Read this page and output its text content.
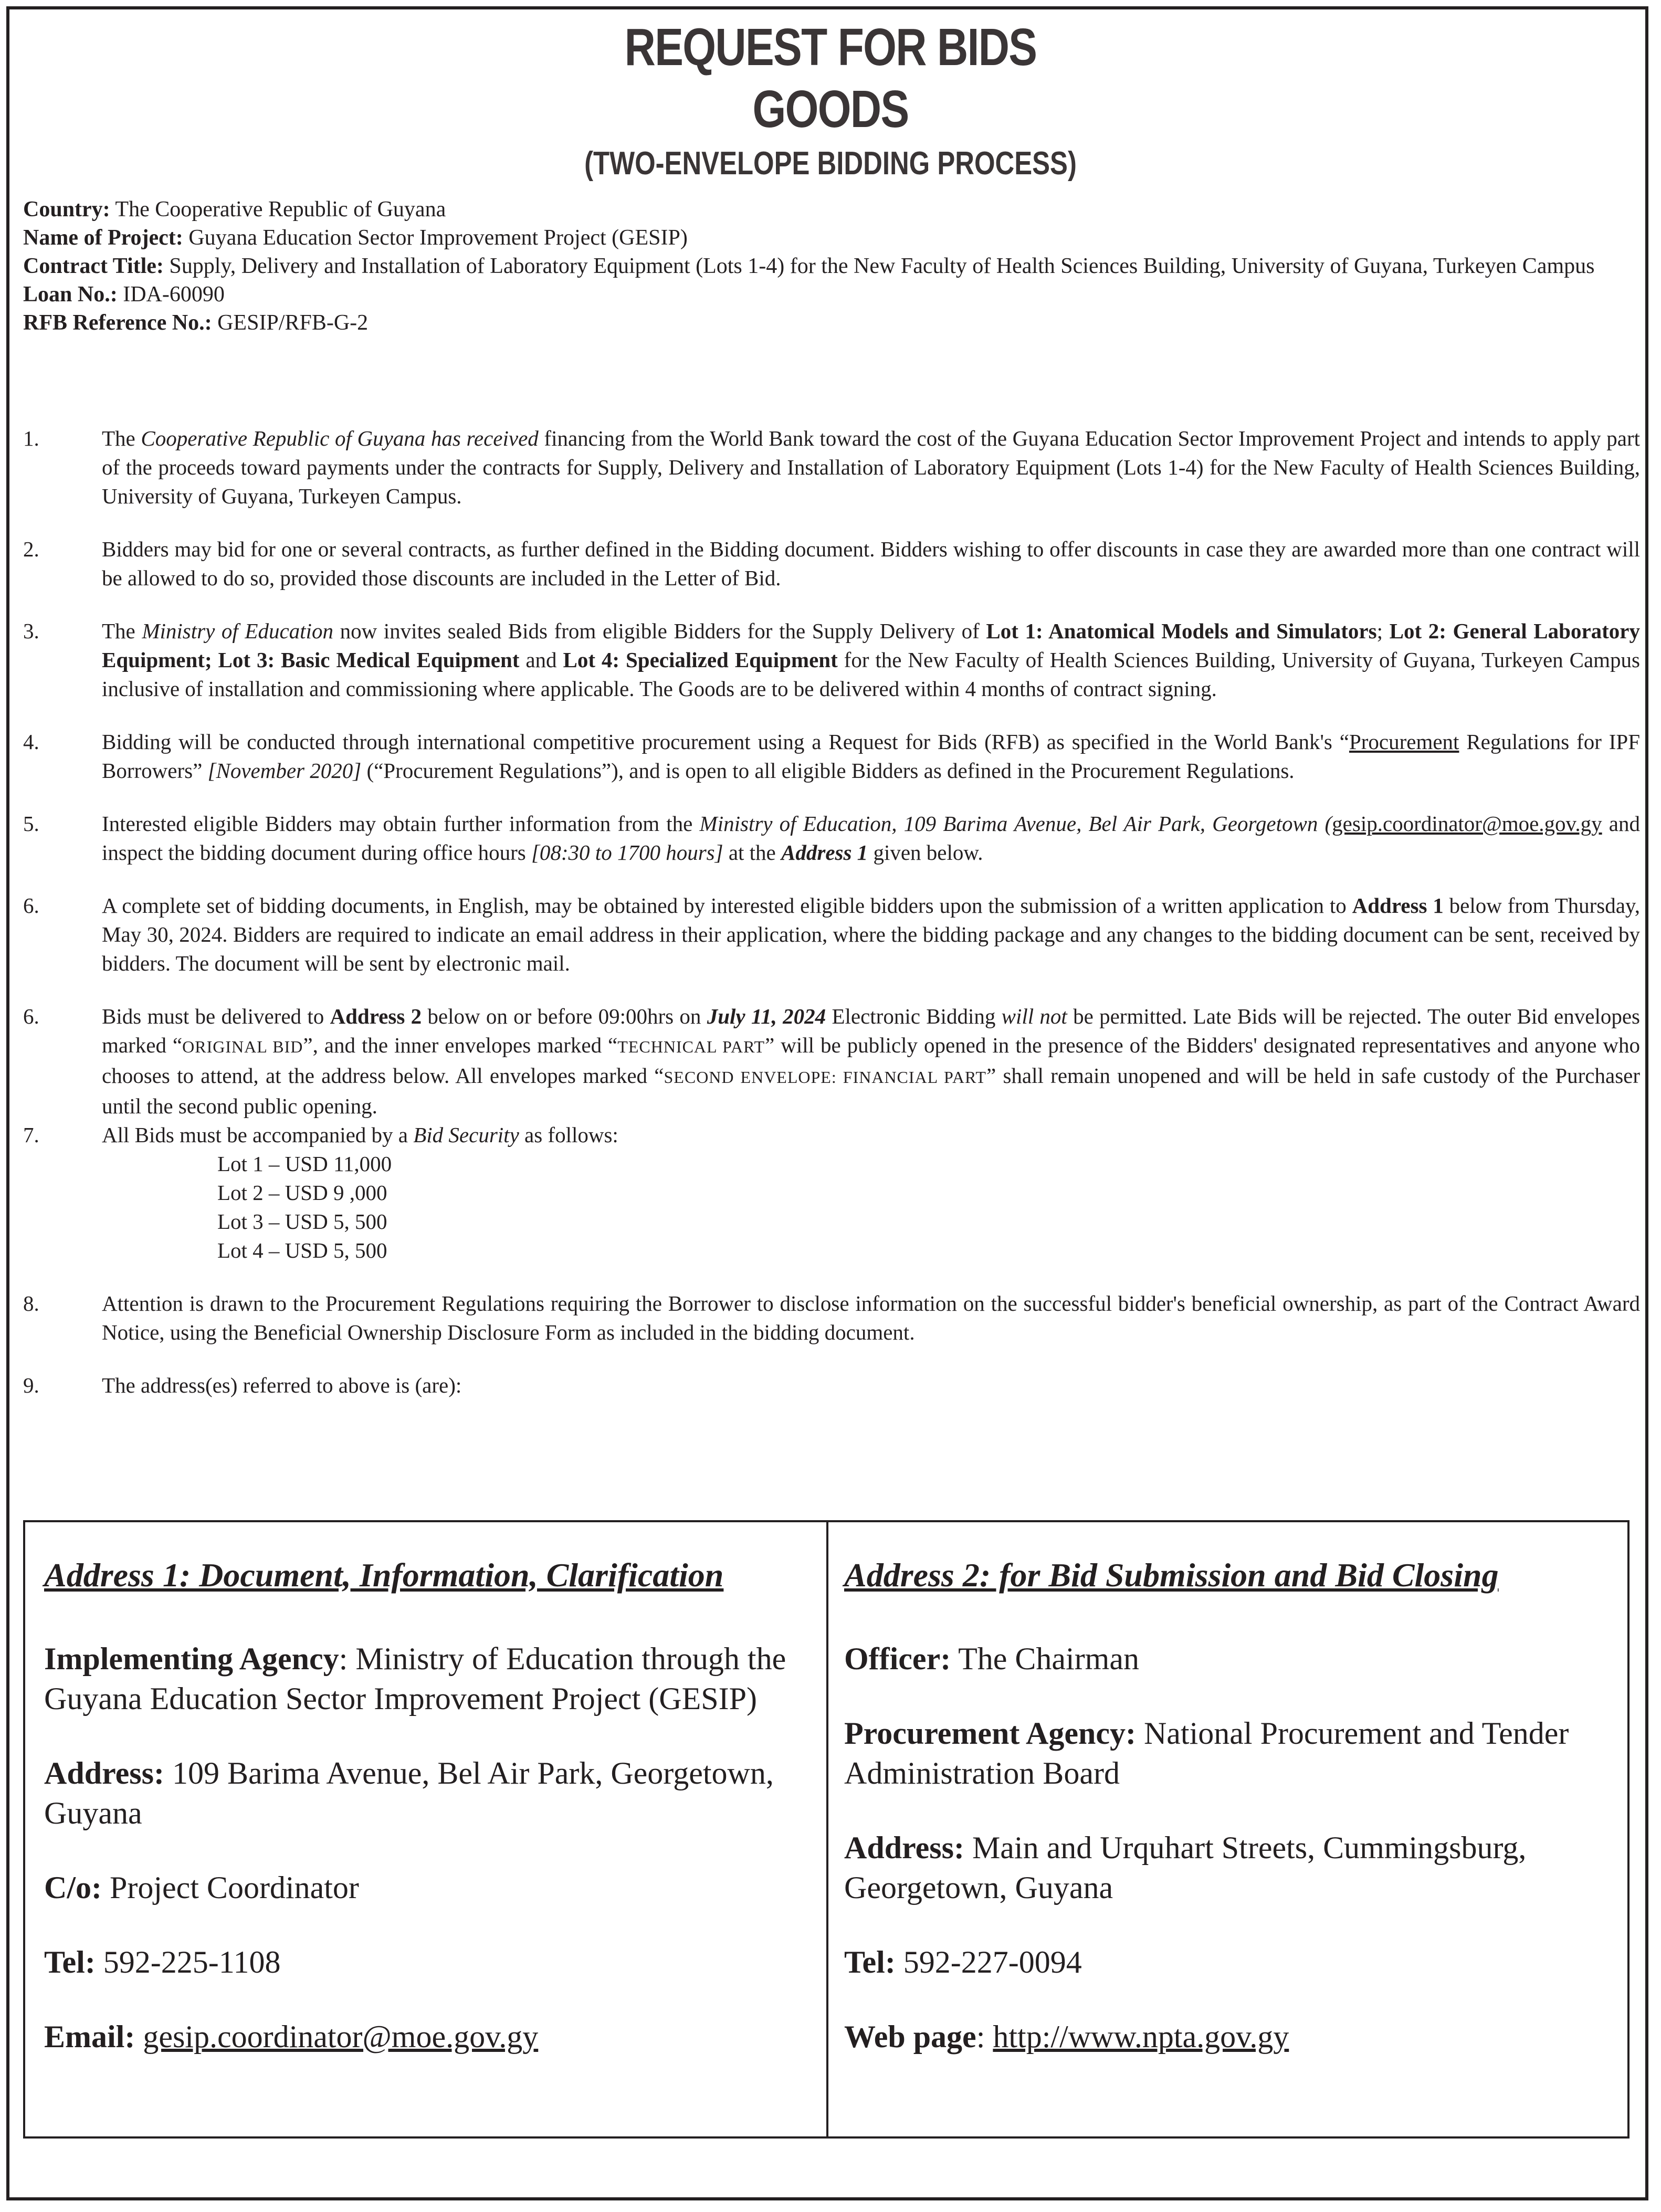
REQUEST FOR BIDS
GOODS
(TWO-ENVELOPE BIDDING PROCESS)
Country: The Cooperative Republic of Guyana
Name of Project: Guyana Education Sector Improvement Project (GESIP)
Contract Title: Supply, Delivery and Installation of Laboratory Equipment (Lots 1-4) for the New Faculty of Health Sciences Building, University of Guyana, Turkeyen Campus
Loan No.: IDA-60090
RFB Reference No.: GESIP/RFB-G-2
1.	The Cooperative Republic of Guyana has received financing from the World Bank toward the cost of the Guyana Education Sector Improvement Project and intends to apply part of the proceeds toward payments under the contracts for Supply, Delivery and Installation of Laboratory Equipment (Lots 1-4) for the New Faculty of Health Sciences Building, University of Guyana, Turkeyen Campus.
2.	Bidders may bid for one or several contracts, as further defined in the Bidding document. Bidders wishing to offer discounts in case they are awarded more than one contract will be allowed to do so, provided those discounts are included in the Letter of Bid.
3.	The Ministry of Education now invites sealed Bids from eligible Bidders for the Supply Delivery of Lot 1: Anatomical Models and Simulators; Lot 2: General Laboratory Equipment; Lot 3: Basic Medical Equipment and Lot 4: Specialized Equipment for the New Faculty of Health Sciences Building, University of Guyana, Turkeyen Campus inclusive of installation and commissioning where applicable. The Goods are to be delivered within 4 months of contract signing.
4.	Bidding will be conducted through international competitive procurement using a Request for Bids (RFB) as specified in the World Bank's “Procurement Regulations for IPF Borrowers” [November 2020] (“Procurement Regulations”), and is open to all eligible Bidders as defined in the Procurement Regulations.
5.	Interested eligible Bidders may obtain further information from the Ministry of Education, 109 Barima Avenue, Bel Air Park, Georgetown (gesip.coordinator@moe.gov.gy and inspect the bidding document during office hours [08:30 to 1700 hours] at the Address 1 given below.
6.	A complete set of bidding documents, in English, may be obtained by interested eligible bidders upon the submission of a written application to Address 1 below from Thursday, May 30, 2024. Bidders are required to indicate an email address in their application, where the bidding package and any changes to the bidding document can be sent, received by bidders. The document will be sent by electronic mail.
6.	Bids must be delivered to Address 2 below on or before 09:00hrs on July 11, 2024 Electronic Bidding will not be permitted. Late Bids will be rejected. The outer Bid envelopes marked “ORIGINAL BID”, and the inner envelopes marked “TECHNICAL PART” will be publicly opened in the presence of the Bidders' designated representatives and anyone who chooses to attend, at the address below. All envelopes marked “SECOND ENVELOPE: FINANCIAL PART” shall remain unopened and will be held in safe custody of the Purchaser until the second public opening.
7.	All Bids must be accompanied by a Bid Security as follows:
Lot 1 – USD 11,000
Lot 2 – USD 9 ,000
Lot 3 – USD 5, 500
Lot 4 – USD 5, 500
8.	Attention is drawn to the Procurement Regulations requiring the Borrower to disclose information on the successful bidder's beneficial ownership, as part of the Contract Award Notice, using the Beneficial Ownership Disclosure Form as included in the bidding document.
9.	The address(es) referred to above is (are):
Address 1: Document, Information, Clarification
Implementing Agency: Ministry of Education through the Guyana Education Sector Improvement Project (GESIP)
Address: 109 Barima Avenue, Bel Air Park, Georgetown, Guyana
C/o: Project Coordinator
Tel: 592-225-1108
Email: gesip.coordinator@moe.gov.gy
Address 2: for Bid Submission and Bid Closing
Officer: The Chairman
Procurement Agency: National Procurement and Tender Administration Board
Address: Main and Urquhart Streets, Cummingsburg, Georgetown, Guyana
Tel: 592-227-0094
Web page: http://www.npta.gov.gy
